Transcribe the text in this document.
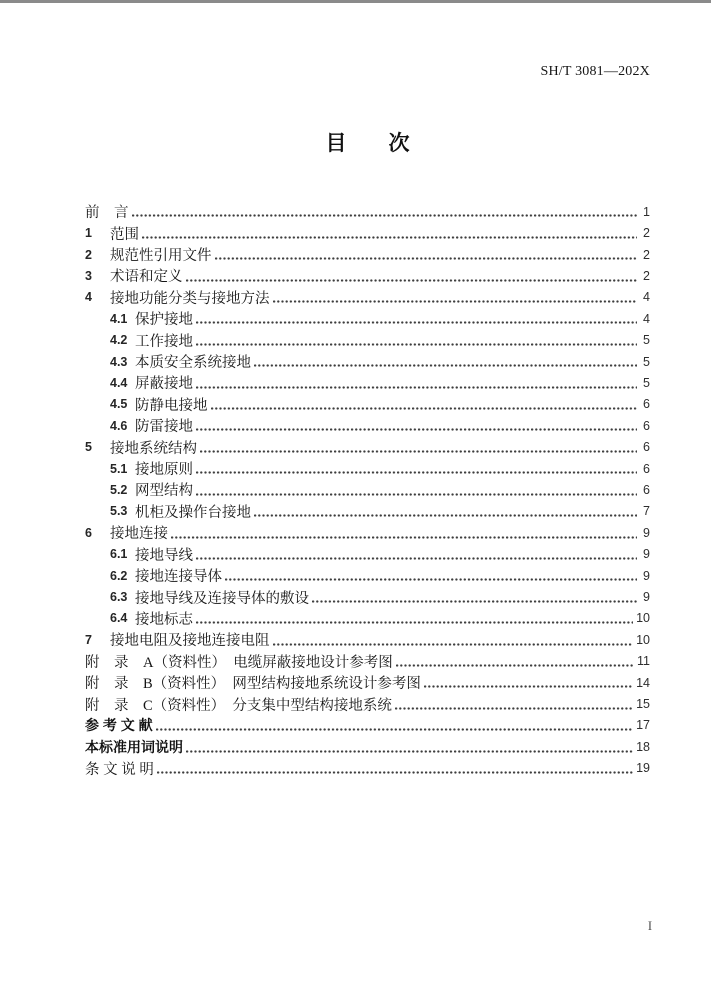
SH/T 3081—202X
目　　次
前　言	1
1	范围	2
2	规范性引用文件	2
3	术语和定义	2
4	接地功能分类与接地方法	4
4.1 保护接地	4
4.2 工作接地	5
4.3 本质安全系统接地	5
4.4 屏蔽接地	5
4.5 防静电接地	6
4.6 防雷接地	6
5	接地系统结构	6
5.1 接地原则	6
5.2 网型结构	6
5.3 机柜及操作台接地	7
6	接地连接	9
6.1 接地导线	9
6.2 接地连接导体	9
6.3 接地导线及连接导体的敷设	9
6.4 接地标志	10
7	接地电阻及接地连接电阻	10
附　录　A（资料性）　电缆屏蔽接地设计参考图	11
附　录　B（资料性）　网型结构接地系统设计参考图	14
附　录　C（资料性）　分支集中型结构接地系统	15
参 考 文 献	17
本标准用词说明	18
条 文 说 明	19
I
